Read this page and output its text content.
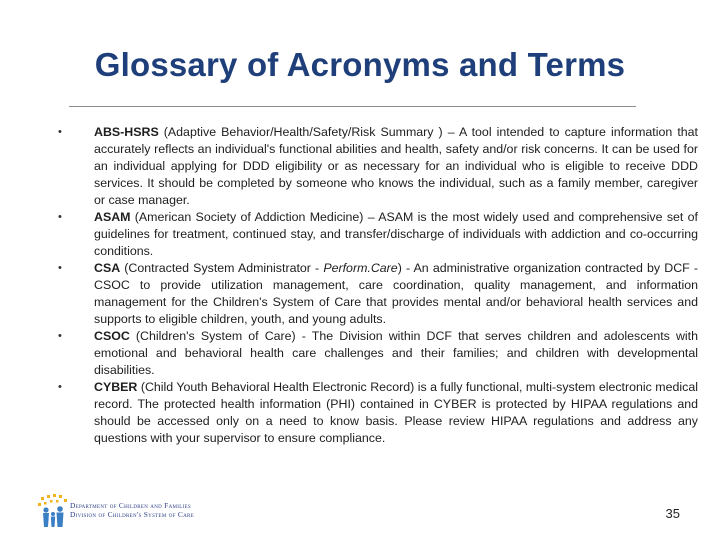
Glossary of Acronyms and Terms
•	ABS-HSRS (Adaptive Behavior/Health/Safety/Risk Summary ) – A tool intended to capture information that accurately reflects an individual's functional abilities and health, safety and/or risk concerns. It can be used for an individual applying for DDD eligibility or as necessary for an individual who is eligible to receive DDD services. It should be completed by someone who knows the individual, such as a family member, caregiver or case manager.
•	ASAM (American Society of Addiction Medicine) – ASAM is the most widely used and comprehensive set of guidelines for treatment, continued stay, and transfer/discharge of individuals with addiction and co-occurring conditions.
•	CSA (Contracted System Administrator - Perform.Care) - An administrative organization contracted by DCF - CSOC to provide utilization management, care coordination, quality management, and information management for the Children's System of Care that provides mental and/or behavioral health services and supports to eligible children, youth, and young adults.
•	CSOC (Children's System of Care) - The Division within DCF that serves children and adolescents with emotional and behavioral health care challenges and their families; and children with developmental disabilities.
•	CYBER (Child Youth Behavioral Health Electronic Record) is a fully functional, multi-system electronic medical record. The protected health information (PHI) contained in CYBER is protected by HIPAA regulations and should be accessed only on a need to know basis. Please review HIPAA regulations and address any questions with your supervisor to ensure compliance.
Department of Children and Families
Division of Children's System of Care	35
